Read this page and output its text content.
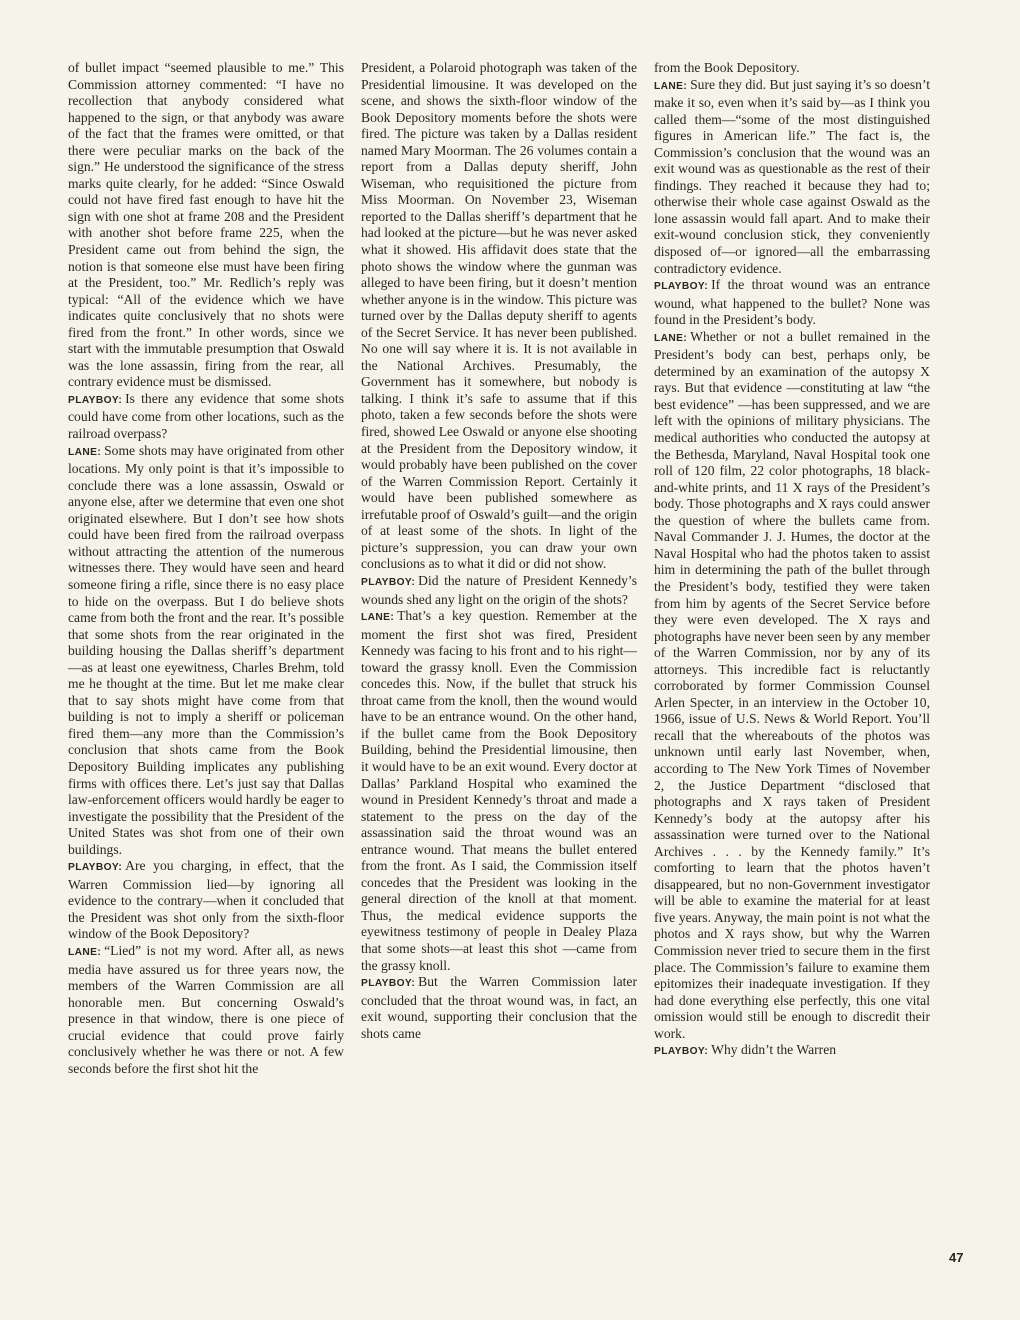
of bullet impact “seemed plausible to me.” This Commission attorney commented: “I have no recollection that anybody considered what happened to the sign, or that anybody was aware of the fact that the frames were omitted, or that there were peculiar marks on the back of the sign.” He understood the significance of the stress marks quite clearly, for he added: “Since Oswald could not have fired fast enough to have hit the sign with one shot at frame 208 and the President with another shot before frame 225, when the President came out from behind the sign, the notion is that someone else must have been firing at the President, too.” Mr. Redlich’s reply was typical: “All of the evidence which we have indicates quite conclusively that no shots were fired from the front.” In other words, since we start with the immutable presumption that Oswald was the lone assassin, firing from the rear, all contrary evidence must be dismissed.

PLAYBOY: Is there any evidence that some shots could have come from other locations, such as the railroad overpass?

LANE: Some shots may have originated from other locations. My only point is that it’s impossible to conclude there was a lone assassin, Oswald or anyone else, after we determine that even one shot originated elsewhere. But I don’t see how shots could have been fired from the railroad overpass without attracting the attention of the numerous witnesses there. They would have seen and heard someone firing a rifle, since there is no easy place to hide on the overpass. But I do believe shots came from both the front and the rear. It’s possible that some shots from the rear originated in the building housing the Dallas sheriff’s department —as at least one eyewitness, Charles Brehm, told me he thought at the time. But let me make clear that to say shots might have come from that building is not to imply a sheriff or policeman fired them—any more than the Commission’s conclusion that shots came from the Book Depository Building implicates any publishing firms with offices there. Let’s just say that Dallas law-enforcement officers would hardly be eager to investigate the possibility that the President of the United States was shot from one of their own buildings.

PLAYBOY: Are you charging, in effect, that the Warren Commission lied—by ignoring all evidence to the contrary—when it concluded that the President was shot only from the sixth-floor window of the Book Depository?

LANE: “Lied” is not my word. After all, as news media have assured us for three years now, the members of the Warren Commission are all honorable men. But concerning Oswald’s presence in that window, there is one piece of crucial evidence that could prove fairly conclusively whether he was there or not. A few seconds before the first shot hit the

President, a Polaroid photograph was taken of the Presidential limousine. It was developed on the scene, and shows the sixth-floor window of the Book Depository moments before the shots were fired. The picture was taken by a Dallas resident named Mary Moorman. The 26 volumes contain a report from a Dallas deputy sheriff, John Wiseman, who requisitioned the picture from Miss Moorman. On November 23, Wiseman reported to the Dallas sheriff’s department that he had looked at the picture—but he was never asked what it showed. His affidavit does state that the photo shows the window where the gunman was alleged to have been firing, but it doesn’t mention whether anyone is in the window. This picture was turned over by the Dallas deputy sheriff to agents of the Secret Service. It has never been published. No one will say where it is. It is not available in the National Archives. Presumably, the Government has it somewhere, but nobody is talking. I think it’s safe to assume that if this photo, taken a few seconds before the shots were fired, showed Lee Oswald or anyone else shooting at the President from the Depository window, it would probably have been published on the cover of the Warren Commission Report. Certainly it would have been published somewhere as irrefutable proof of Oswald’s guilt—and the origin of at least some of the shots. In light of the picture’s suppression, you can draw your own conclusions as to what it did or did not show.

PLAYBOY: Did the nature of President Kennedy’s wounds shed any light on the origin of the shots?

LANE: That’s a key question. Remember at the moment the first shot was fired, President Kennedy was facing to his front and to his right—toward the grassy knoll. Even the Commission concedes this. Now, if the bullet that struck his throat came from the knoll, then the wound would have to be an entrance wound. On the other hand, if the bullet came from the Book Depository Building, behind the Presidential limousine, then it would have to be an exit wound. Every doctor at Dallas’ Parkland Hospital who examined the wound in President Kennedy’s throat and made a statement to the press on the day of the assassination said the throat wound was an entrance wound. That means the bullet entered from the front. As I said, the Commission itself concedes that the President was looking in the general direction of the knoll at that moment. Thus, the medical evidence supports the eyewitness testimony of people in Dealey Plaza that some shots—at least this shot —came from the grassy knoll.

PLAYBOY: But the Warren Commission later concluded that the throat wound was, in fact, an exit wound, supporting their conclusion that the shots came

from the Book Depository.

LANE: Sure they did. But just saying it’s so doesn’t make it so, even when it’s said by—as I think you called them—“some of the most distinguished figures in American life.” The fact is, the Commission’s conclusion that the wound was an exit wound was as questionable as the rest of their findings. They reached it because they had to; otherwise their whole case against Oswald as the lone assassin would fall apart. And to make their exit-wound conclusion stick, they conveniently disposed of—or ignored—all the embarrassing contradictory evidence.

PLAYBOY: If the throat wound was an entrance wound, what happened to the bullet? None was found in the President’s body.

LANE: Whether or not a bullet remained in the President’s body can best, perhaps only, be determined by an examination of the autopsy X rays. But that evidence —constituting at law “the best evidence” —has been suppressed, and we are left with the opinions of military physicians. The medical authorities who conducted the autopsy at the Bethesda, Maryland, Naval Hospital took one roll of 120 film, 22 color photographs, 18 black-and-white prints, and 11 X rays of the President’s body. Those photographs and X rays could answer the question of where the bullets came from. Naval Commander J. J. Humes, the doctor at the Naval Hospital who had the photos taken to assist him in determining the path of the bullet through the President’s body, testified they were taken from him by agents of the Secret Service before they were even developed. The X rays and photographs have never been seen by any member of the Warren Commission, nor by any of its attorneys. This incredible fact is reluctantly corroborated by former Commission Counsel Arlen Specter, in an interview in the October 10, 1966, issue of U.S. News & World Report. You’ll recall that the whereabouts of the photos was unknown until early last November, when, according to The New York Times of November 2, the Justice Department “disclosed that photographs and X rays taken of President Kennedy’s body at the autopsy after his assassination were turned over to the National Archives . . . by the Kennedy family.” It’s comforting to learn that the photos haven’t disappeared, but no non-Government investigator will be able to examine the material for at least five years. Anyway, the main point is not what the photos and X rays show, but why the Warren Commission never tried to secure them in the first place. The Commission’s failure to examine them epitomizes their inadequate investigation. If they had done everything else perfectly, this one vital omission would still be enough to discredit their work.

PLAYBOY: Why didn’t the Warren

47
